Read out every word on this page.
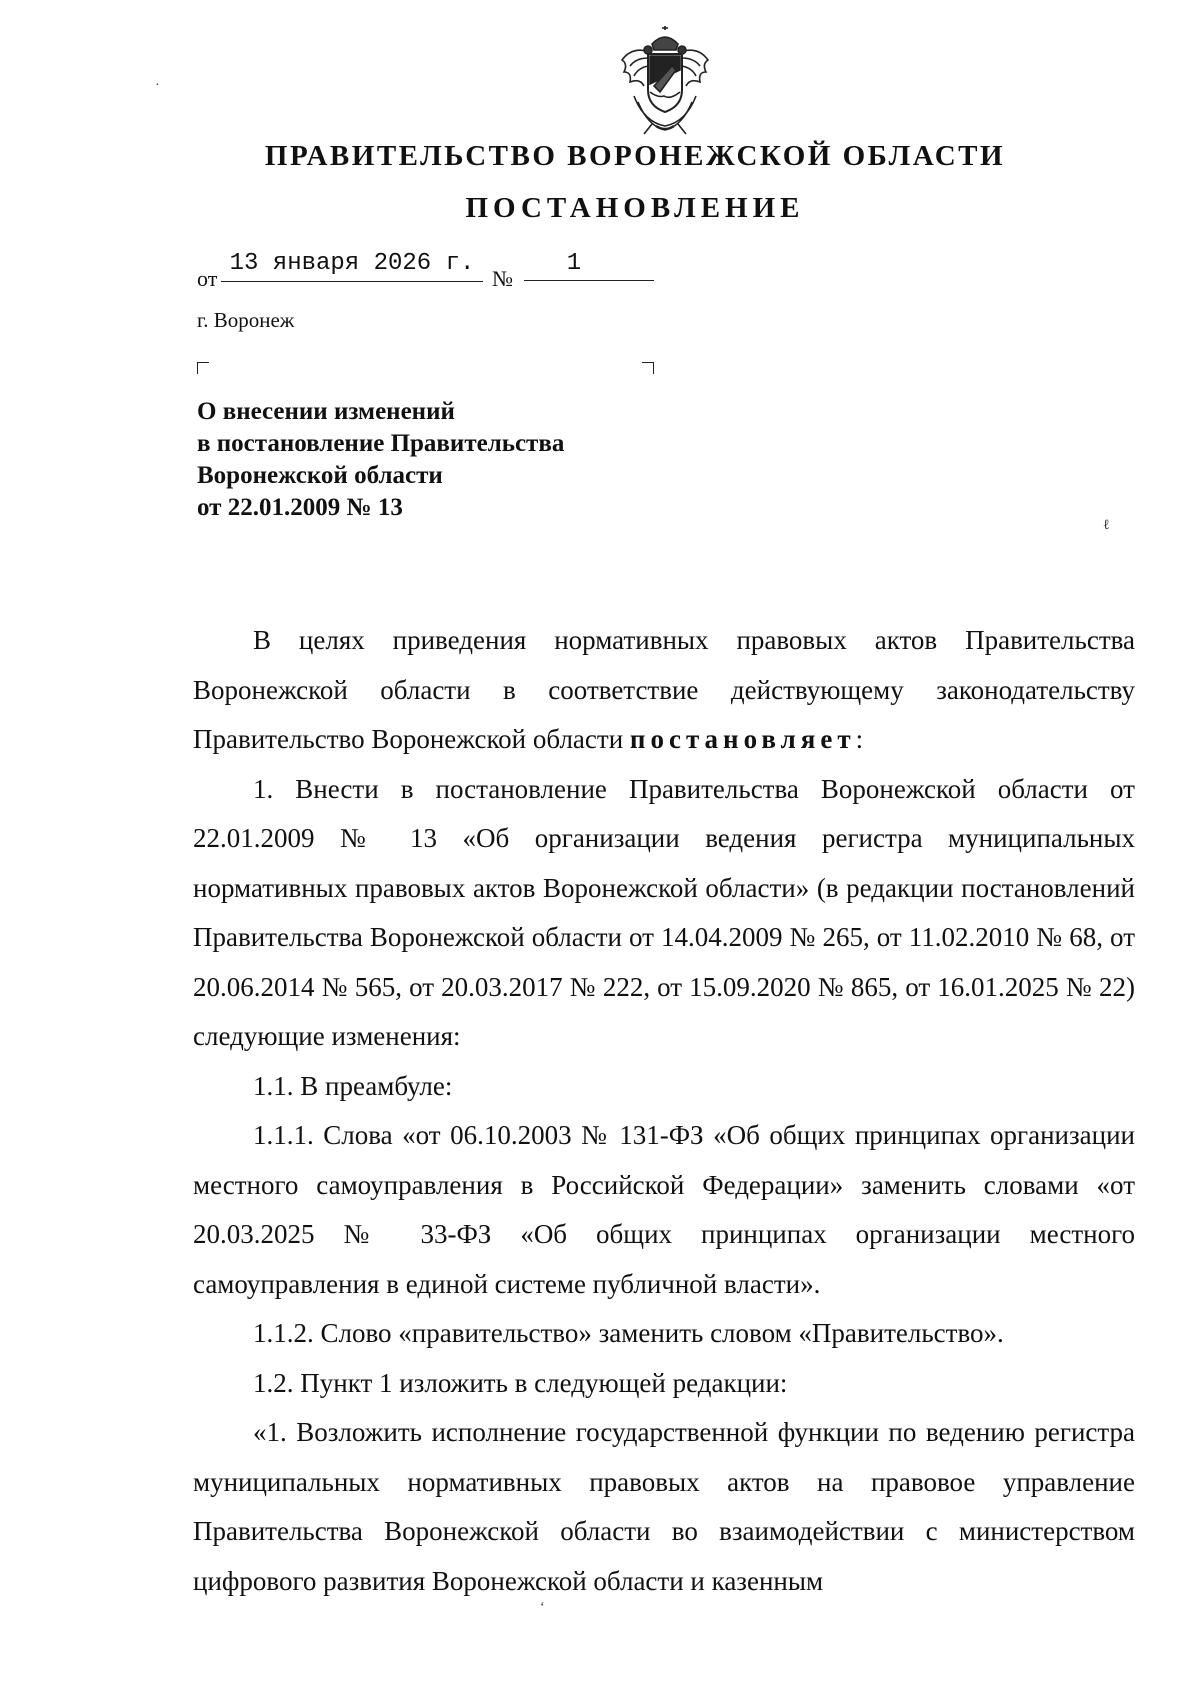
ПРАВИТЕЛЬСТВО ВОРОНЕЖСКОЙ ОБЛАСТИ
ПОСТАНОВЛЕНИЕ
от
13 января 2026 г.
№
1
г. Воронеж
О внесении изменений
в постановление Правительства
Воронежской области
от 22.01.2009 № 13

В целях приведения нормативных правовых актов Правительства Воронежской области в соответствие действующему законодательству Правительство Воронежской области постановляет:

1. Внести в постановление Правительства Воронежской области от 22.01.2009 № 13 «Об организации ведения регистра муниципальных нормативных правовых актов Воронежской области» (в редакции постановлений Правительства Воронежской области от 14.04.2009 № 265, от 11.02.2010 № 68, от 20.06.2014 № 565, от 20.03.2017 № 222, от 15.09.2020 № 865, от 16.01.2025 № 22) следующие изменения:

1.1. В преамбуле:

1.1.1. Слова «от 06.10.2003 № 131-ФЗ «Об общих принципах организации местного самоуправления в Российской Федерации» заменить словами «от 20.03.2025 № 33-ФЗ «Об общих принципах организации местного самоуправления в единой системе публичной власти».

1.1.2. Слово «правительство» заменить словом «Правительство».

1.2. Пункт 1 изложить в следующей редакции:

«1. Возложить исполнение государственной функции по ведению регистра муниципальных нормативных правовых актов на правовое управление Правительства Воронежской области во взаимодействии с министерством цифрового развития Воронежской области и казенным

·
ℓ
‘
